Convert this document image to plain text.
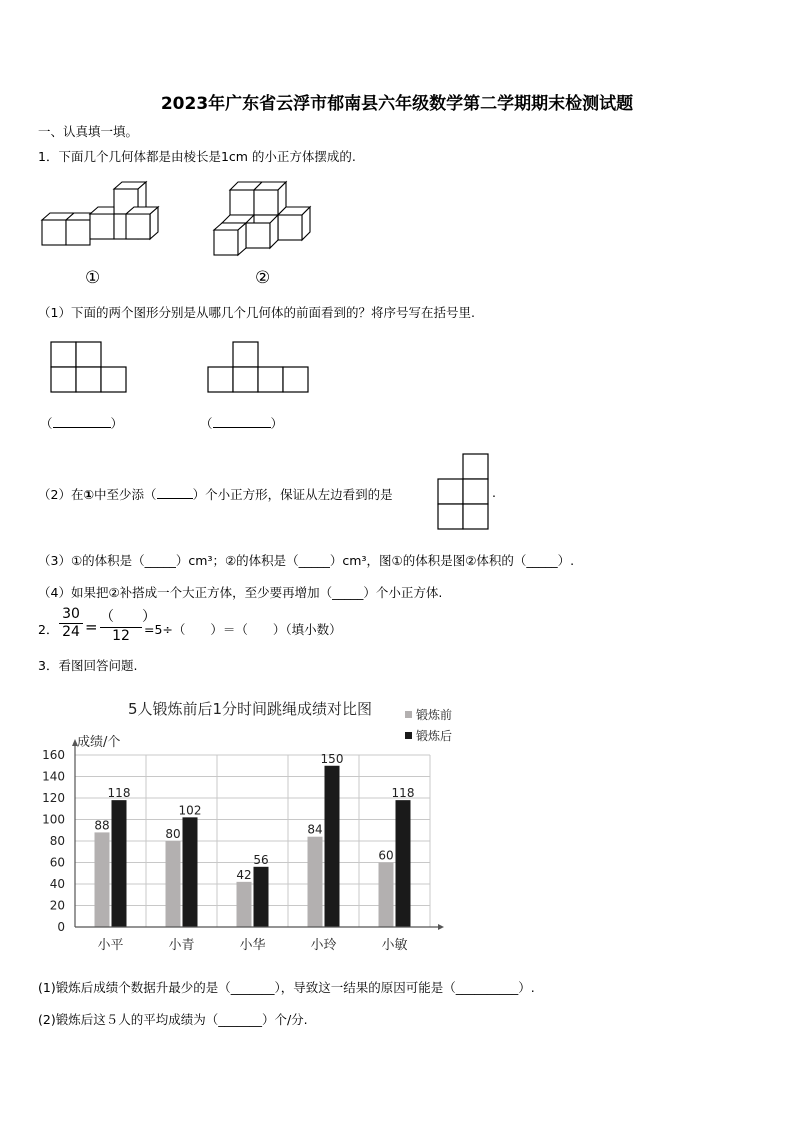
2023年广东省云浮市郁南县六年级数学第二学期期末检测试题
一、认真填一填。
1．下面几个几何体都是由棱长是1cm 的小正方体摆成的.
①	②
（1）下面的两个图形分别是从哪几个几何体的前面看到的？将序号写在括号里.
（	）	（	）
（2）在①中至少添（	）个小正方形，保证从左边看到的是	.
（3）①的体积是（_____）cm³；②的体积是（_____）cm³，图①的体积是图②体积的（_____）.
（4）如果把②补搭成一个大正方体，至少要再增加（_____）个小正方体.
2． $\frac{30}{24}$ =
（　　）
12	=5÷（　　）＝（　　）（填小数）
3．看图回答问题.
5人锻炼前后1分时间跳绳成绩对比图
成绩/个
锻炼前
锻炼后
0
20
40
60
80
100
120
140
160
88
118
小平
80
102
小青
42
56
小华
84
150
小玲
60
118
小敏
(1)锻炼后成绩个数据升最少的是（_______），导致这一结果的原因可能是（__________）.
(2)锻炼后这５人的平均成绩为（_______）个/分.
